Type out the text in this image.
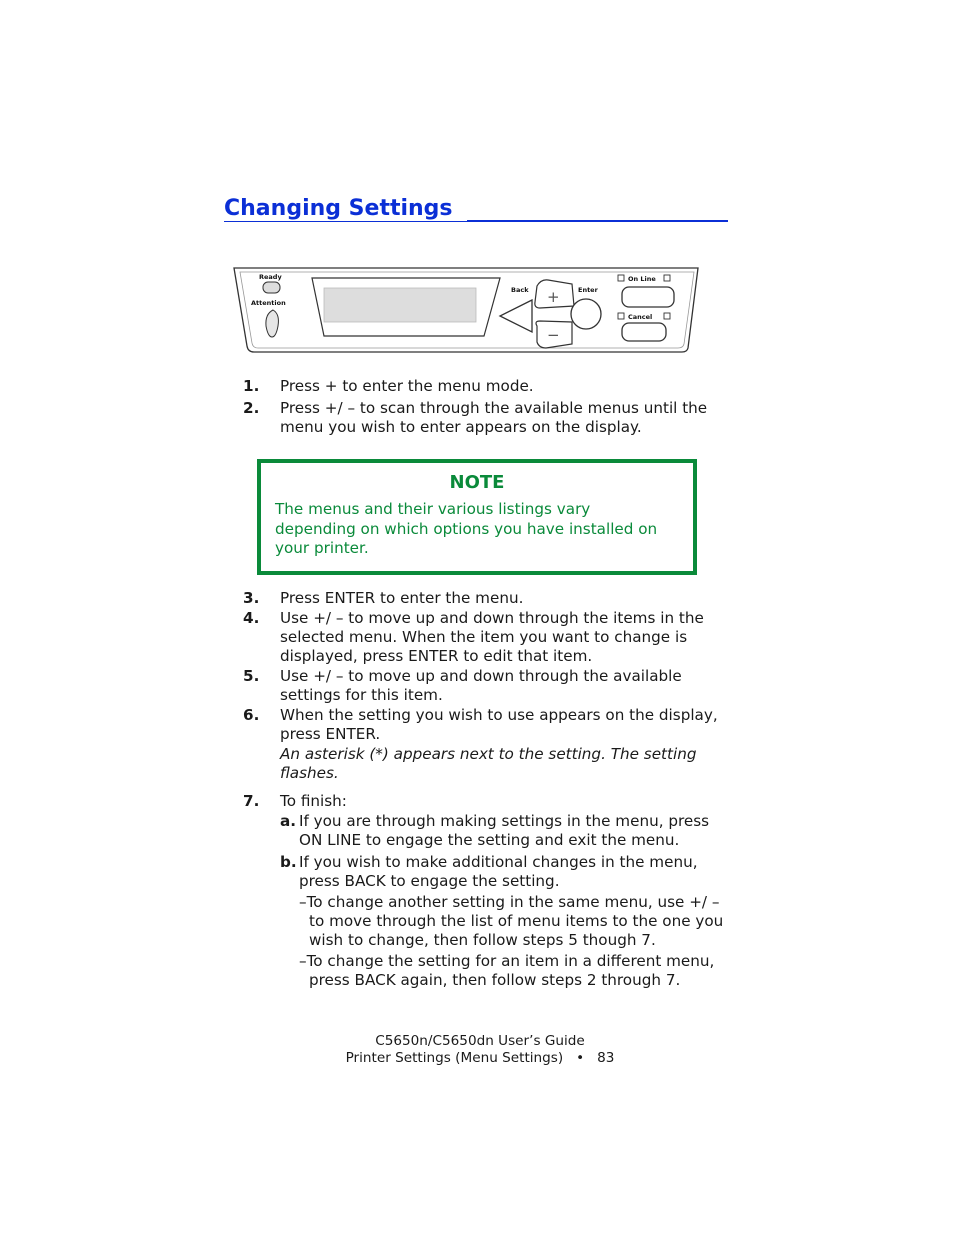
Changing Settings
Ready
Attention
Back +
−
Enter
On Line
Cancel
1. Press + to enter the menu mode.
2. Press +/ – to scan through the available menus until the menu you wish to enter appears on the display.
NOTE
The menus and their various listings vary depending on which options you have installed on your printer.
3. Press ENTER to enter the menu.
4. Use +/ – to move up and down through the items in the selected menu. When the item you want to change is displayed, press ENTER to edit that item.
5. Use +/ – to move up and down through the available settings for this item.
6. When the setting you wish to use appears on the display, press ENTER.
An asterisk (*) appears next to the setting. The setting flashes.
7. To finish:
a. If you are through making settings in the menu, press ON LINE to engage the setting and exit the menu.
b. If you wish to make additional changes in the menu, press BACK to engage the setting.
–To change another setting in the same menu, use +/ – to move through the list of menu items to the one you wish to change, then follow steps 5 though 7.
–To change the setting for an item in a different menu, press BACK again, then follow steps 2 through 7.
C5650n/C5650dn User’s Guide
Printer Settings (Menu Settings)   •   83
